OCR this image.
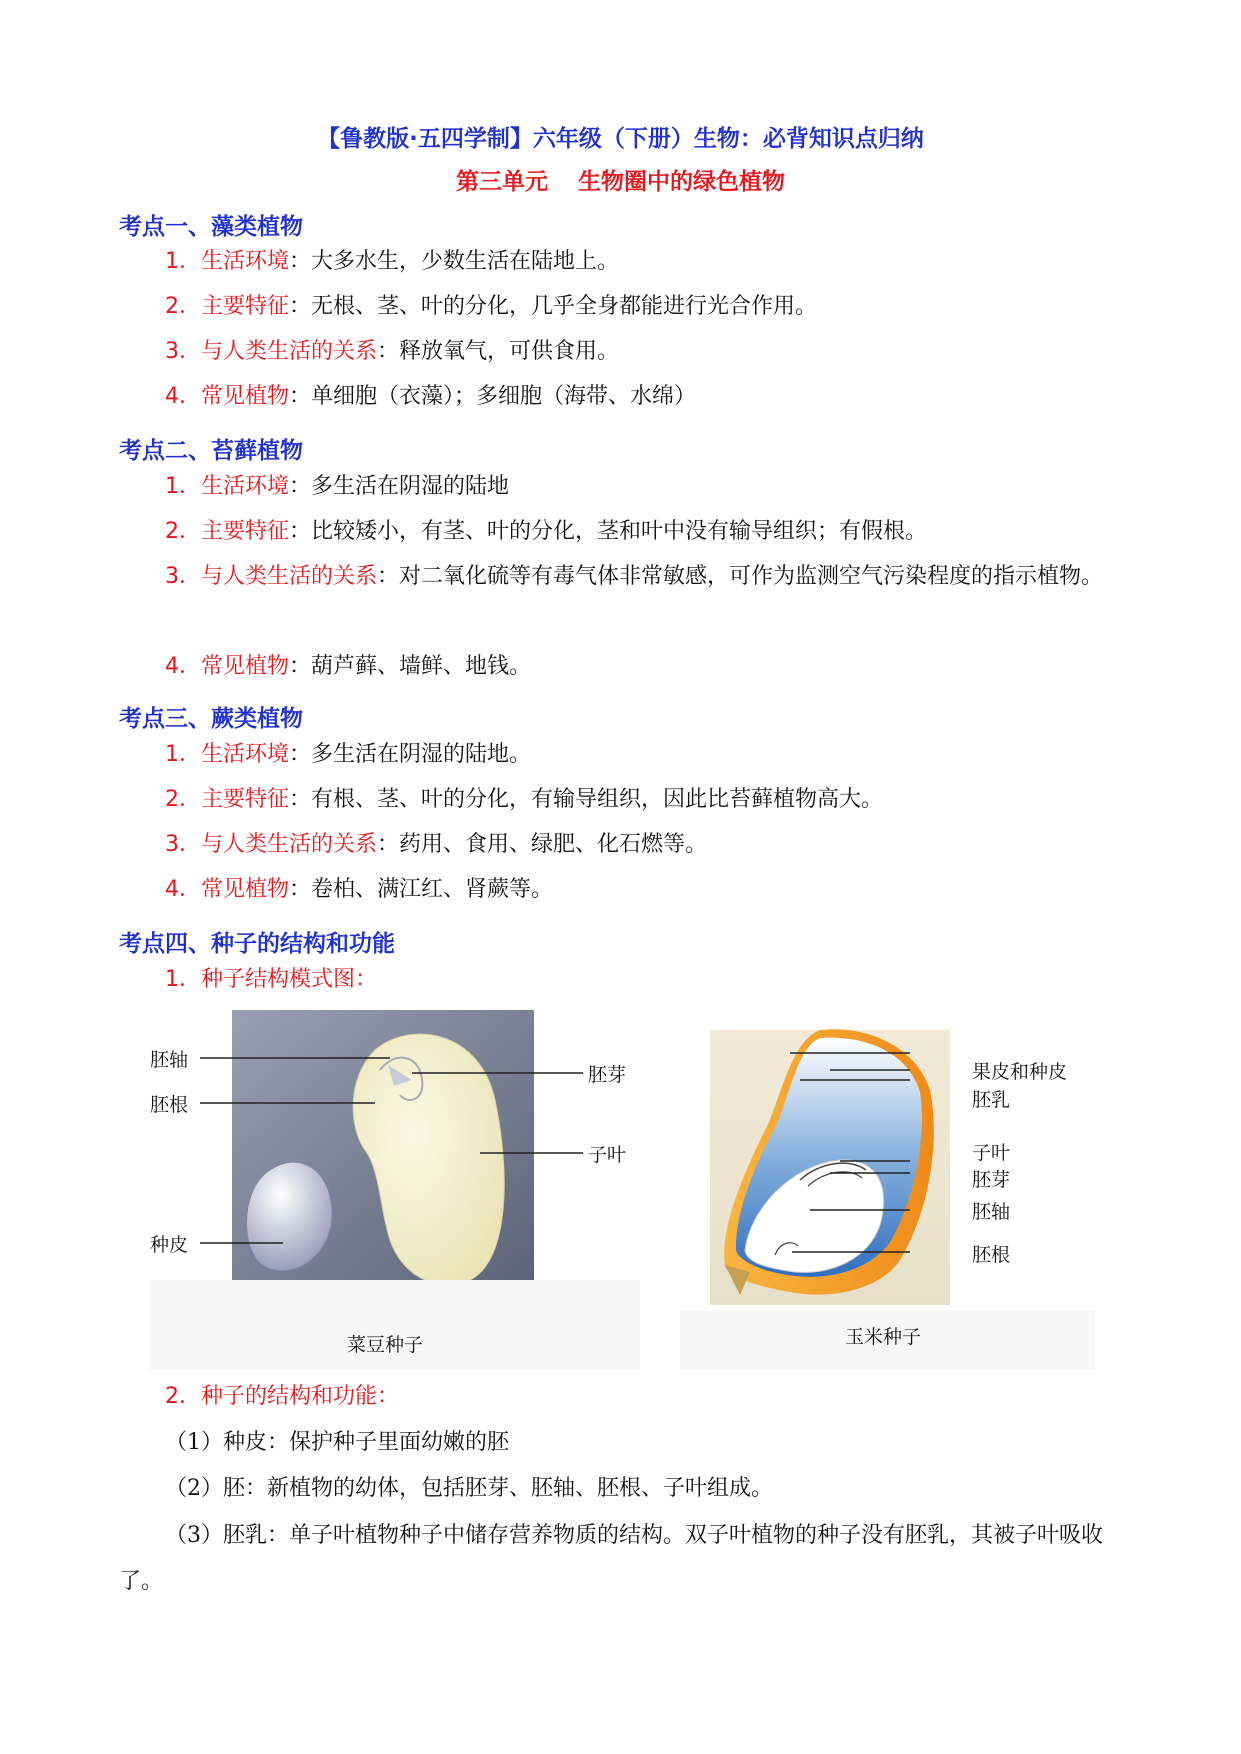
【鲁教版·五四学制】六年级（下册）生物：必背知识点归纳
第三单元 生物圈中的绿色植物
考点一、藻类植物
1．生活环境：大多水生，少数生活在陆地上。
2．主要特征：无根、茎、叶的分化，几乎全身都能进行光合作用。
3．与人类生活的关系：释放氧气，可供食用。
4．常见植物：单细胞（衣藻）；多细胞（海带、水绵）
考点二、苔藓植物
1．生活环境：多生活在阴湿的陆地
2．主要特征：比较矮小，有茎、叶的分化，茎和叶中没有输导组织；有假根。
3．与人类生活的关系：对二氧化硫等有毒气体非常敏感，可作为监测空气污染程度的指示植物。
4．常见植物：葫芦藓、墙鲜、地钱。
考点三、蕨类植物
1．生活环境：多生活在阴湿的陆地。
2．主要特征：有根、茎、叶的分化，有输导组织，因此比苔藓植物高大。
3．与人类生活的关系：药用、食用、绿肥、化石燃等。
4．常见植物：卷柏、满江红、肾蕨等。
考点四、种子的结构和功能
1．种子结构模式图：
胚轴
胚根
种皮
胚芽
子叶
菜豆种子
果皮和种皮
胚乳
子叶
胚芽
胚轴
胚根
玉米种子
2．种子的结构和功能：
（1）种皮：保护种子里面幼嫩的胚
（2）胚：新植物的幼体，包括胚芽、胚轴、胚根、子叶组成。
（3）胚乳：单子叶植物种子中储存营养物质的结构。双子叶植物的种子没有胚乳，其被子叶吸收了。
